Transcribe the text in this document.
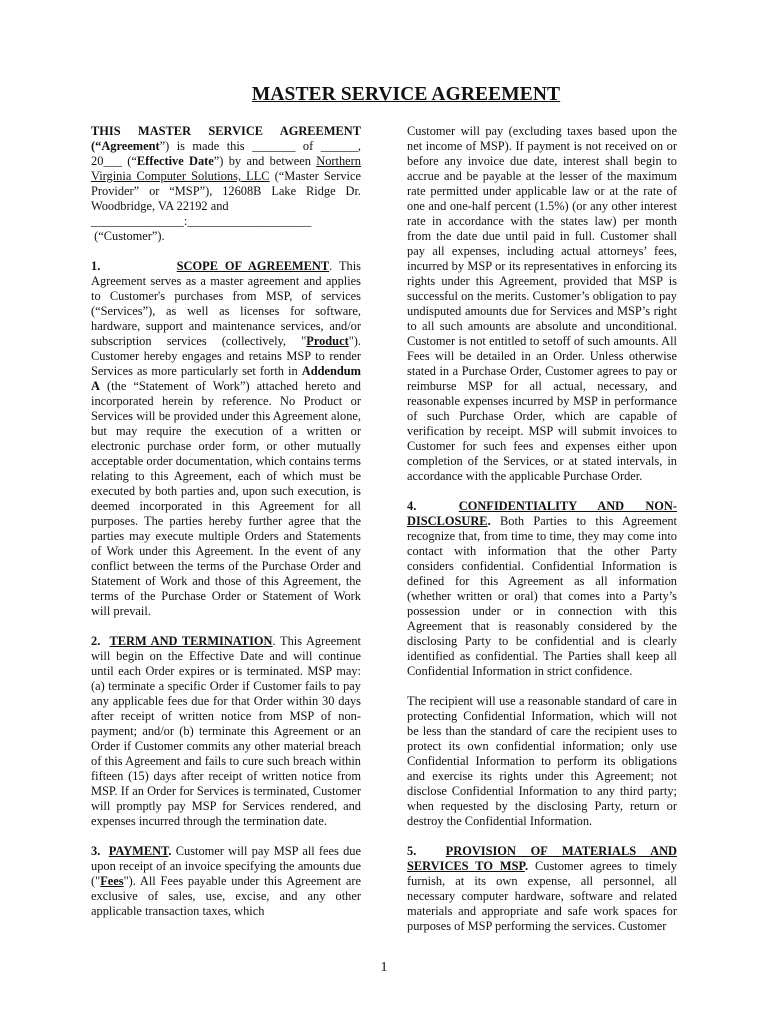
MASTER SERVICE AGREEMENT

THIS MASTER SERVICE AGREEMENT (“Agreement”) is made this _______ of ______, 20___ (“Effective Date”) by and between Northern Virginia Computer Solutions, LLC (“Master Service Provider” or “MSP”), 12608B Lake Ridge Dr. Woodbridge, VA 22192 and
_______________:____________________
(“Customer”).

1.	SCOPE OF AGREEMENT. This Agreement serves as a master agreement and applies to Customer's purchases from MSP, of services (“Services”), as well as licenses for software, hardware, support and maintenance services, and/or subscription services (collectively, "Product"). Customer hereby engages and retains MSP to render Services as more particularly set forth in Addendum A (the “Statement of Work”) attached hereto and incorporated herein by reference. No Product or Services will be provided under this Agreement alone, but may require the execution of a written or electronic purchase order form, or other mutually acceptable order documentation, which contains terms relating to this Agreement, each of which must be executed by both parties and, upon such execution, is deemed incorporated in this Agreement for all purposes. The parties hereby further agree that the parties may execute multiple Orders and Statements of Work under this Agreement. In the event of any conflict between the terms of the Purchase Order and Statement of Work and those of this Agreement, the terms of the Purchase Order or Statement of Work will prevail.

2. TERM AND TERMINATION. This Agreement will begin on the Effective Date and will continue until each Order expires or is terminated. MSP may: (a) terminate a specific Order if Customer fails to pay any applicable fees due for that Order within 30 days after receipt of written notice from MSP of non-payment; and/or (b) terminate this Agreement or an Order if Customer commits any other material breach of this Agreement and fails to cure such breach within fifteen (15) days after receipt of written notice from MSP. If an Order for Services is terminated, Customer will promptly pay MSP for Services rendered, and expenses incurred through the termination date.

3. PAYMENT. Customer will pay MSP all fees due upon receipt of an invoice specifying the amounts due ("Fees"). All Fees payable under this Agreement are exclusive of sales, use, excise, and any other applicable transaction taxes, which

Customer will pay (excluding taxes based upon the net income of MSP). If payment is not received on or before any invoice due date, interest shall begin to accrue and be payable at the lesser of the maximum rate permitted under applicable law or at the rate of one and one-half percent (1.5%) (or any other interest rate in accordance with the states law) per month from the date due until paid in full. Customer shall pay all expenses, including actual attorneys’ fees, incurred by MSP or its representatives in enforcing its rights under this Agreement, provided that MSP is successful on the merits. Customer’s obligation to pay undisputed amounts due for Services and MSP’s right to all such amounts are absolute and unconditional. Customer is not entitled to setoff of such amounts. All Fees will be detailed in an Order. Unless otherwise stated in a Purchase Order, Customer agrees to pay or reimburse MSP for all actual, necessary, and reasonable expenses incurred by MSP in performance of such Purchase Order, which are capable of verification by receipt. MSP will submit invoices to Customer for such fees and expenses either upon completion of the Services, or at stated intervals, in accordance with the applicable Purchase Order.

4.	CONFIDENTIALITY AND NON-DISCLOSURE. Both Parties to this Agreement recognize that, from time to time, they may come into contact with information that the other Party considers confidential. Confidential Information is defined for this Agreement as all information (whether written or oral) that comes into a Party’s possession under or in connection with this Agreement that is reasonably considered by the disclosing Party to be confidential and is clearly identified as confidential. The Parties shall keep all Confidential Information in strict confidence.

The recipient will use a reasonable standard of care in protecting Confidential Information, which will not be less than the standard of care the recipient uses to protect its own confidential information; only use Confidential Information to perform its obligations and exercise its rights under this Agreement; not disclose Confidential Information to any third party; when requested by the disclosing Party, return or destroy the Confidential Information.

5. PROVISION OF MATERIALS AND SERVICES TO MSP. Customer agrees to timely furnish, at its own expense, all personnel, all necessary computer hardware, software and related materials and appropriate and safe work spaces for purposes of MSP performing the services. Customer

1
